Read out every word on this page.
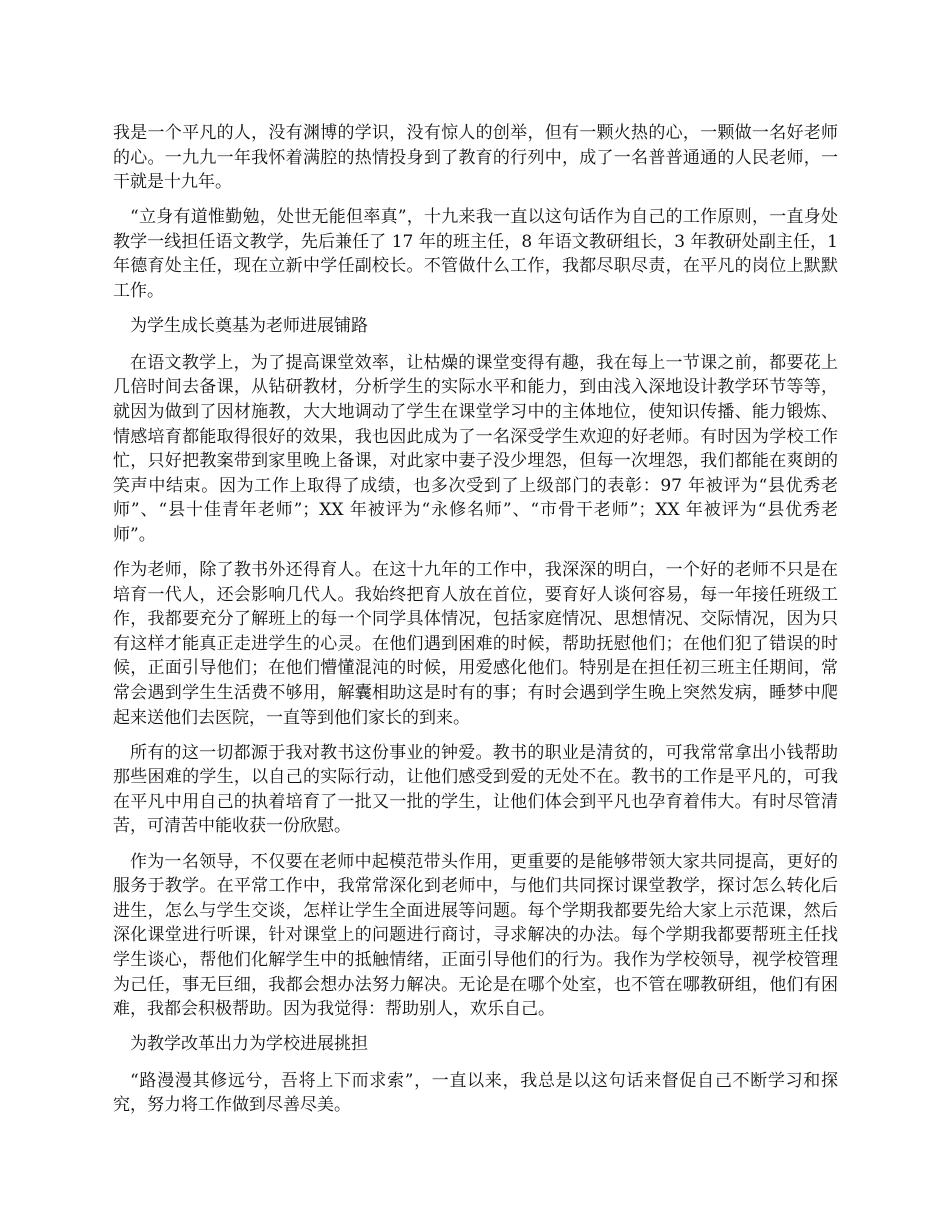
我是一个平凡的人，没有渊博的学识，没有惊人的创举，但有一颗火热的心，一颗做一名好老师的心。一九九一年我怀着满腔的热情投身到了教育的行列中，成了一名普普通通的人民老师，一干就是十九年。

“立身有道惟勤勉，处世无能但率真”，十九来我一直以这句话作为自己的工作原则，一直身处教学一线担任语文教学，先后兼任了 17 年的班主任，8 年语文教研组长，3 年教研处副主任，1 年德育处主任，现在立新中学任副校长。不管做什么工作，我都尽职尽责，在平凡的岗位上默默工作。

为学生成长奠基为老师进展铺路

在语文教学上，为了提高课堂效率，让枯燥的课堂变得有趣，我在每上一节课之前，都要花上几倍时间去备课，从钻研教材，分析学生的实际水平和能力，到由浅入深地设计教学环节等等，就因为做到了因材施教，大大地调动了学生在课堂学习中的主体地位，使知识传播、能力锻炼、情感培育都能取得很好的效果，我也因此成为了一名深受学生欢迎的好老师。有时因为学校工作忙，只好把教案带到家里晚上备课，对此家中妻子没少埋怨，但每一次埋怨，我们都能在爽朗的笑声中结束。因为工作上取得了成绩，也多次受到了上级部门的表彰：97 年被评为“县优秀老师”、“县十佳青年老师”；XX 年被评为“永修名师”、“市骨干老师”；XX 年被评为“县优秀老师”。

作为老师，除了教书外还得育人。在这十九年的工作中，我深深的明白，一个好的老师不只是在培育一代人，还会影响几代人。我始终把育人放在首位，要育好人谈何容易，每一年接任班级工作，我都要充分了解班上的每一个同学具体情况，包括家庭情况、思想情况、交际情况，因为只有这样才能真正走进学生的心灵。在他们遇到困难的时候，帮助抚慰他们；在他们犯了错误的时候，正面引导他们；在他们懵懂混沌的时候，用爱感化他们。特别是在担任初三班主任期间，常常会遇到学生生活费不够用，解囊相助这是时有的事；有时会遇到学生晚上突然发病，睡梦中爬起来送他们去医院，一直等到他们家长的到来。

所有的这一切都源于我对教书这份事业的钟爱。教书的职业是清贫的，可我常常拿出小钱帮助那些困难的学生，以自己的实际行动，让他们感受到爱的无处不在。教书的工作是平凡的，可我在平凡中用自己的执着培育了一批又一批的学生，让他们体会到平凡也孕育着伟大。有时尽管清苦，可清苦中能收获一份欣慰。

作为一名领导，不仅要在老师中起模范带头作用，更重要的是能够带领大家共同提高，更好的服务于教学。在平常工作中，我常常深化到老师中，与他们共同探讨课堂教学，探讨怎么转化后进生，怎么与学生交谈，怎样让学生全面进展等问题。每个学期我都要先给大家上示范课，然后深化课堂进行听课，针对课堂上的问题进行商讨，寻求解决的办法。每个学期我都要帮班主任找学生谈心，帮他们化解学生中的抵触情绪，正面引导他们的行为。我作为学校领导，视学校管理为己任，事无巨细，我都会想办法努力解决。无论是在哪个处室，也不管在哪教研组，他们有困难，我都会积极帮助。因为我觉得：帮助别人，欢乐自己。

为教学改革出力为学校进展挑担

“路漫漫其修远兮，吾将上下而求索”，一直以来，我总是以这句话来督促自己不断学习和探究，努力将工作做到尽善尽美。
